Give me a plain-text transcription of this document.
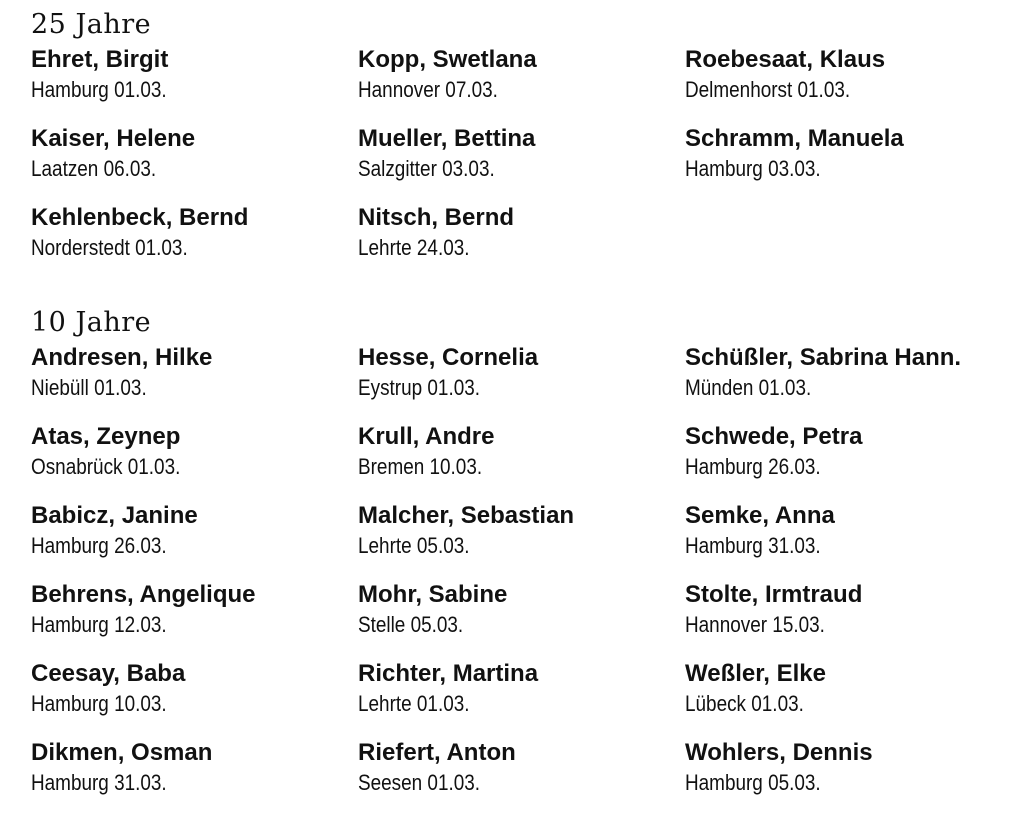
25 Jahre
Ehret, Birgit
Hamburg 01.03.
Kopp, Swetlana
Hannover 07.03.
Roebesaat, Klaus
Delmenhorst 01.03.
Kaiser, Helene
Laatzen 06.03.
Mueller, Bettina
Salzgitter 03.03.
Schramm, Manuela
Hamburg 03.03.
Kehlenbeck, Bernd
Norderstedt 01.03.
Nitsch, Bernd
Lehrte 24.03.
10 Jahre
Andresen, Hilke
Niebüll 01.03.
Hesse, Cornelia
Eystrup 01.03.
Schüßler, Sabrina Hann.
Münden 01.03.
Atas, Zeynep
Osnabrück 01.03.
Krull, Andre
Bremen 10.03.
Schwede, Petra
Hamburg 26.03.
Babicz, Janine
Hamburg 26.03.
Malcher, Sebastian
Lehrte 05.03.
Semke, Anna
Hamburg 31.03.
Behrens, Angelique
Hamburg 12.03.
Mohr, Sabine
Stelle 05.03.
Stolte, Irmtraud
Hannover 15.03.
Ceesay, Baba
Hamburg 10.03.
Richter, Martina
Lehrte 01.03.
Weßler, Elke
Lübeck 01.03.
Dikmen, Osman
Hamburg 31.03.
Riefert, Anton
Seesen 01.03.
Wohlers, Dennis
Hamburg 05.03.
